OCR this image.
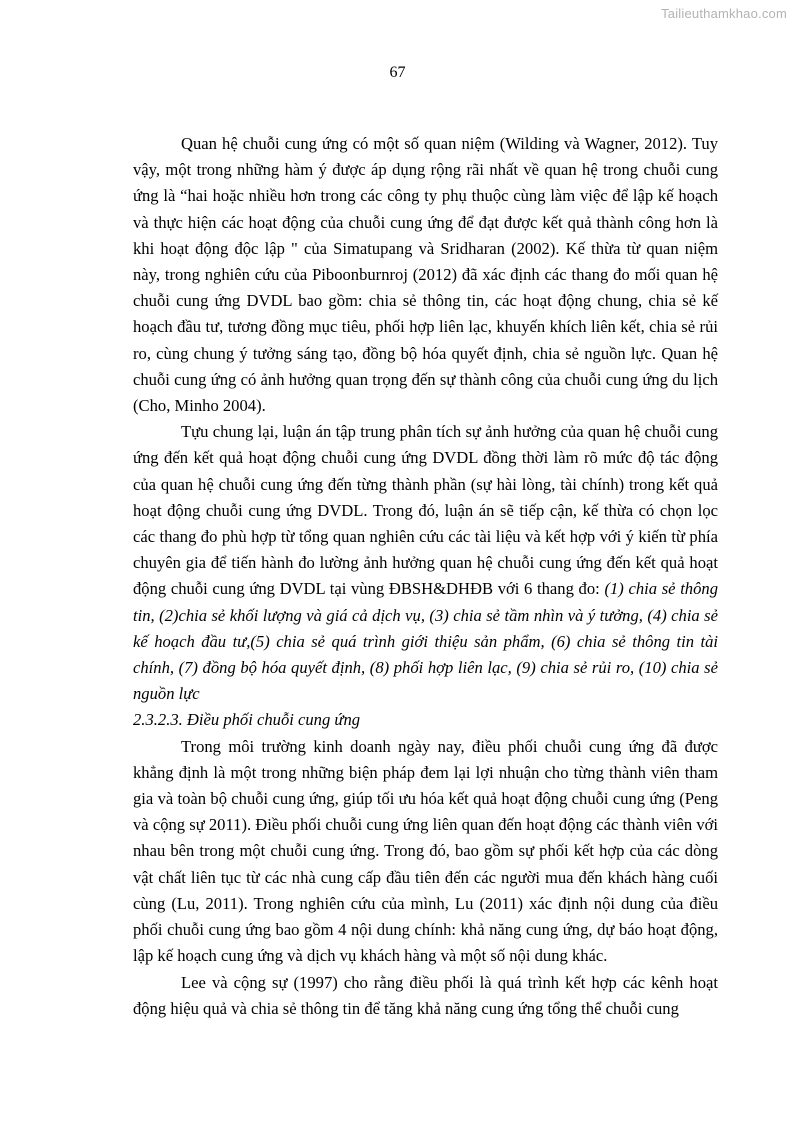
Tailieuthamkhao.com
67

Quan hệ chuỗi cung ứng có một số quan niệm (Wilding và Wagner, 2012). Tuy vậy, một trong những hàm ý được áp dụng rộng rãi nhất về quan hệ trong chuỗi cung ứng là “hai hoặc nhiều hơn trong các công ty phụ thuộc cùng làm việc để lập kế hoạch và thực hiện các hoạt động của chuỗi cung ứng để đạt được kết quả thành công hơn là khi hoạt động độc lập " của Simatupang và Sridharan (2002). Kế thừa từ quan niệm này, trong nghiên cứu của Piboonburnroj (2012) đã xác định các thang đo mối quan hệ chuỗi cung ứng DVDL bao gồm: chia sẻ thông tin, các hoạt động chung, chia sẻ kế hoạch đầu tư, tương đồng mục tiêu, phối hợp liên lạc, khuyến khích liên kết, chia sẻ rủi ro, cùng chung ý tưởng sáng tạo, đồng bộ hóa quyết định, chia sẻ nguồn lực. Quan hệ chuỗi cung ứng có ảnh hưởng quan trọng đến sự thành công của chuỗi cung ứng du lịch (Cho, Minho 2004).

Tựu chung lại, luận án tập trung phân tích sự ảnh hưởng của quan hệ chuỗi cung ứng đến kết quả hoạt động chuỗi cung ứng DVDL đồng thời làm rõ mức độ tác động của quan hệ chuỗi cung ứng đến từng thành phần (sự hài lòng, tài chính) trong kết quả hoạt động chuỗi cung ứng DVDL. Trong đó, luận án sẽ tiếp cận, kế thừa có chọn lọc các thang đo phù hợp từ tổng quan nghiên cứu các tài liệu và kết hợp với ý kiến từ phía chuyên gia để tiến hành đo lường ảnh hưởng quan hệ chuỗi cung ứng đến kết quả hoạt động chuỗi cung ứng DVDL tại vùng ĐBSH&DHĐB với 6 thang đo: (1) chia sẻ thông tin, (2)chia sẻ khối lượng và giá cả dịch vụ, (3) chia sẻ tầm nhìn và ý tưởng, (4) chia sẻ kế hoạch đầu tư,(5) chia sẻ quá trình giới thiệu sản phẩm, (6) chia sẻ thông tin tài chính, (7) đồng bộ hóa quyết định, (8) phối hợp liên lạc, (9) chia sẻ rủi ro, (10) chia sẻ nguồn lực

2.3.2.3. Điều phối chuỗi cung ứng

Trong môi trường kinh doanh ngày nay, điều phối chuỗi cung ứng đã được khẳng định là một trong những biện pháp đem lại lợi nhuận cho từng thành viên tham gia và toàn bộ chuỗi cung ứng, giúp tối ưu hóa kết quả hoạt động chuỗi cung ứng (Peng và cộng sự 2011). Điều phối chuỗi cung ứng liên quan đến hoạt động các thành viên với nhau bên trong một chuỗi cung ứng. Trong đó, bao gồm sự phối kết hợp của các dòng vật chất liên tục từ các nhà cung cấp đầu tiên đến các người mua đến khách hàng cuối cùng (Lu, 2011). Trong nghiên cứu của mình, Lu (2011) xác định nội dung của điều phối chuỗi cung ứng bao gồm 4 nội dung chính: khả năng cung ứng, dự báo hoạt động, lập kế hoạch cung ứng và dịch vụ khách hàng và một số nội dung khác.

Lee và cộng sự (1997) cho rằng điều phối là quá trình kết hợp các kênh hoạt động hiệu quả và chia sẻ thông tin để tăng khả năng cung ứng tổng thể chuỗi cung
